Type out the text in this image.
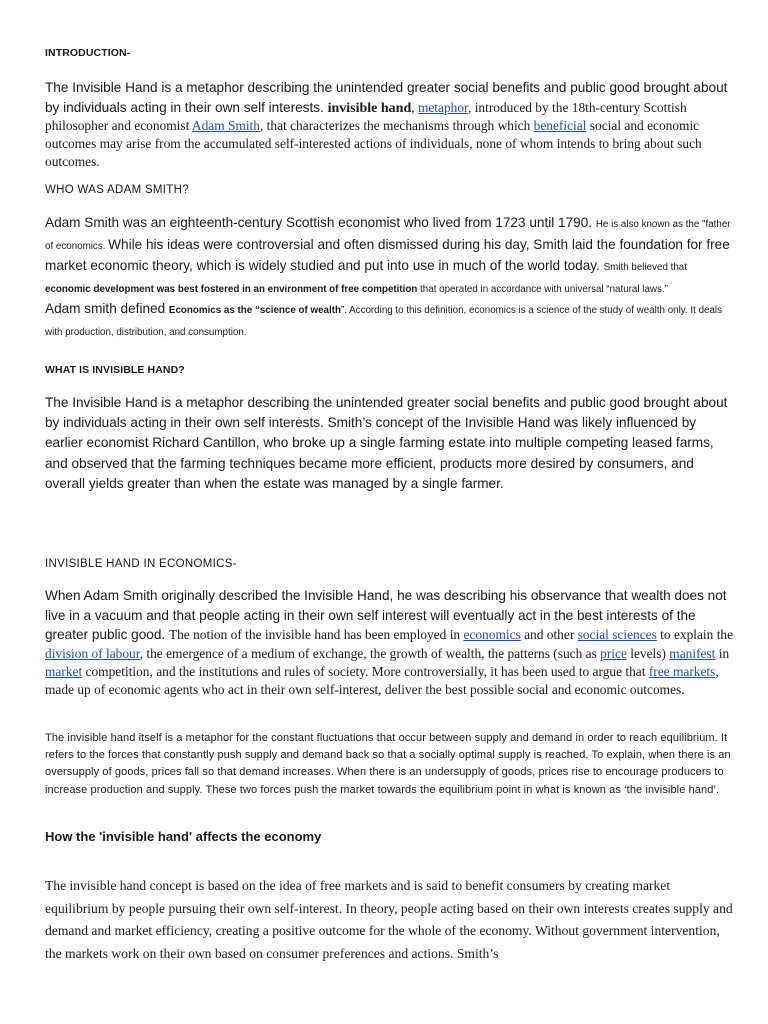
INTRODUCTION-
The Invisible Hand is a metaphor describing the unintended greater social benefits and public good brought about by individuals acting in their own self interests. invisible hand, metaphor, introduced by the 18th-century Scottish philosopher and economist Adam Smith, that characterizes the mechanisms through which beneficial social and economic outcomes may arise from the accumulated self-interested actions of individuals, none of whom intends to bring about such outcomes.
WHO WAS ADAM SMITH?
Adam Smith was an eighteenth-century Scottish economist who lived from 1723 until 1790. He is also known as the "father of economics. While his ideas were controversial and often dismissed during his day, Smith laid the foundation for free market economic theory, which is widely studied and put into use in much of the world today. Smith believed that economic development was best fostered in an environment of free competition that operated in accordance with universal “natural laws.”
Adam smith defined Economics as the “science of wealth”. According to this definition, economics is a science of the study of wealth only. It deals with production, distribution, and consumption.
WHAT IS INVISIBLE HAND?
The Invisible Hand is a metaphor describing the unintended greater social benefits and public good brought about by individuals acting in their own self interests. Smith’s concept of the Invisible Hand was likely influenced by earlier economist Richard Cantillon, who broke up a single farming estate into multiple competing leased farms, and observed that the farming techniques became more efficient, products more desired by consumers, and overall yields greater than when the estate was managed by a single farmer.
INVISIBLE HAND IN ECONOMICS-
When Adam Smith originally described the Invisible Hand, he was describing his observance that wealth does not live in a vacuum and that people acting in their own self interest will eventually act in the best interests of the greater public good. The notion of the invisible hand has been employed in economics and other social sciences to explain the division of labour, the emergence of a medium of exchange, the growth of wealth, the patterns (such as price levels) manifest in market competition, and the institutions and rules of society. More controversially, it has been used to argue that free markets, made up of economic agents who act in their own self-interest, deliver the best possible social and economic outcomes.
The invisible hand itself is a metaphor for the constant fluctuations that occur between supply and demand in order to reach equilibrium. It refers to the forces that constantly push supply and demand back so that a socially optimal supply is reached. To explain, when there is an oversupply of goods, prices fall so that demand increases. When there is an undersupply of goods, prices rise to encourage producers to increase production and supply. These two forces push the market towards the equilibrium point in what is known as ‘the invisible hand’.
How the 'invisible hand' affects the economy
The invisible hand concept is based on the idea of free markets and is said to benefit consumers by creating market equilibrium by people pursuing their own self-interest. In theory, people acting based on their own interests creates supply and demand and market efficiency, creating a positive outcome for the whole of the economy. Without government intervention, the markets work on their own based on consumer preferences and actions. Smith’s
